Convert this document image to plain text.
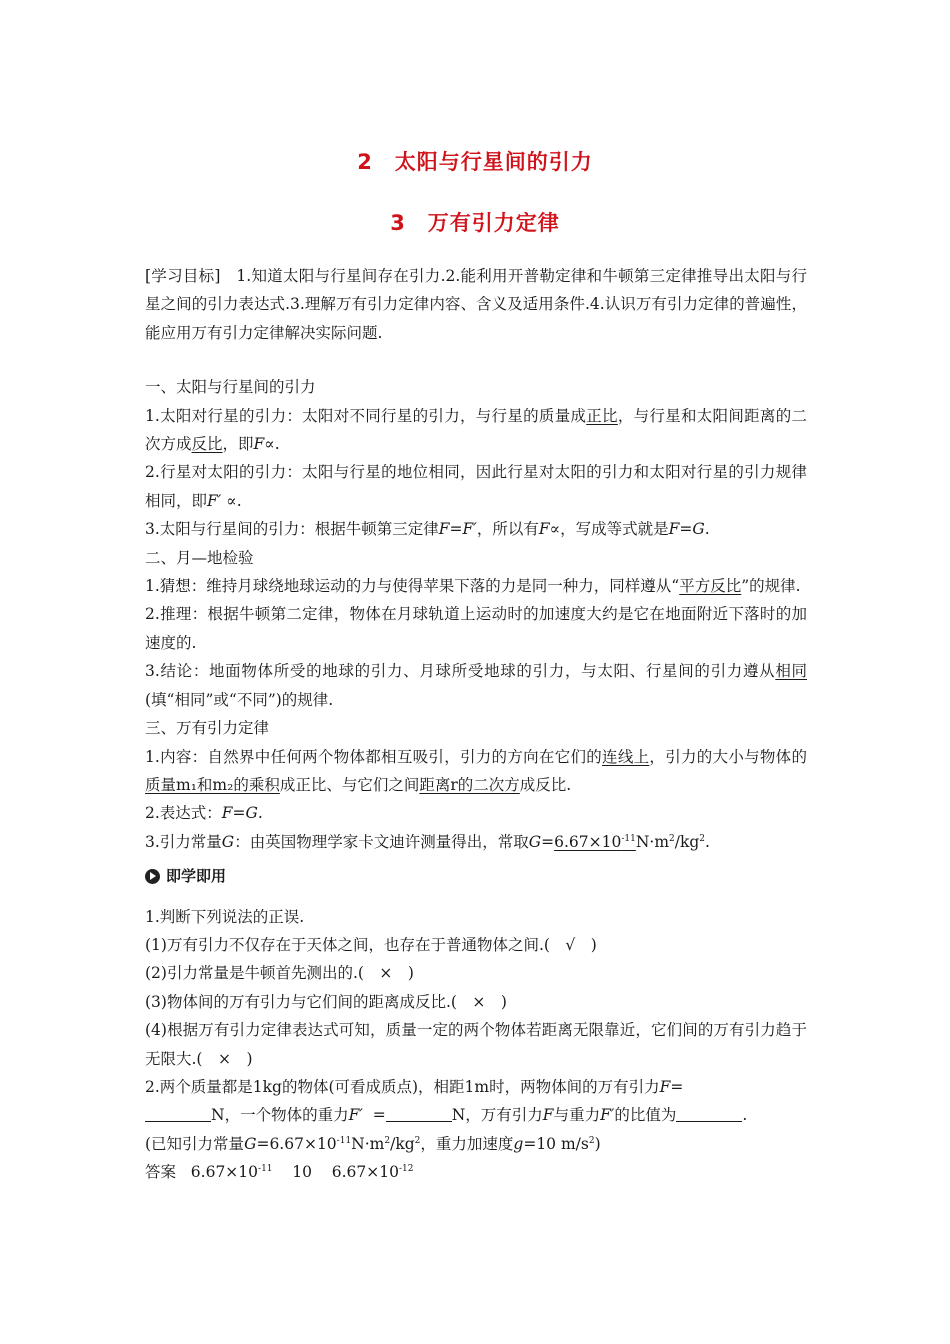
2　太阳与行星间的引力
3　万有引力定律

[学习目标]　1.知道太阳与行星间存在引力.2.能利用开普勒定律和牛顿第三定律推导出太阳与行星之间的引力表达式.3.理解万有引力定律内容、含义及适用条件.4.认识万有引力定律的普遍性，能应用万有引力定律解决实际问题.

一、太阳与行星间的引力

1.太阳对行星的引力：太阳对不同行星的引力，与行星的质量成正比，与行星和太阳间距离的二次方成反比，即F∝.

2.行星对太阳的引力：太阳与行星的地位相同，因此行星对太阳的引力和太阳对行星的引力规律相同，即F′ ∝.

3.太阳与行星间的引力：根据牛顿第三定律F=F′，所以有F∝，写成等式就是F=G.

二、月—地检验

1.猜想：维持月球绕地球运动的力与使得苹果下落的力是同一种力，同样遵从“平方反比”的规律.

2.推理：根据牛顿第二定律，物体在月球轨道上运动时的加速度大约是它在地面附近下落时的加速度的.

3.结论：地面物体所受的地球的引力、月球所受地球的引力，与太阳、行星间的引力遵从相同(填“相同”或“不同”)的规律.

三、万有引力定律

1.内容：自然界中任何两个物体都相互吸引，引力的方向在它们的连线上，引力的大小与物体的质量m₁和m₂的乘积成正比、与它们之间距离r的二次方成反比.

2.表达式：F=G.

3.引力常量G：由英国物理学家卡文迪许测量得出，常取$G=6.67\times 10^{-11}N\cdot m^2/kg^2$.

即学即用

1.判断下列说法的正误.

(1)万有引力不仅存在于天体之间，也存在于普通物体之间.(　√　)

(2)引力常量是牛顿首先测出的.(　×　)

(3)物体间的万有引力与它们间的距离成反比.(　×　)

(4)根据万有引力定律表达式可知，质量一定的两个物体若距离无限靠近，它们间的万有引力趋于无限大.(　×　)

2.两个质量都是1kg的物体(可看成质点)，相距1m时，两物体间的万有引力F=
N，一个物体的重力F′ =	N，万有引力F与重力F′的比值为	.

(已知引力常量$G=6.67\times 10^{-11}N\cdot m^2/kg^2$，重力加速度g=10 $m/s^2$)

答案 $6.67\times 10^{-11}$ 10 $6.67\times 10^{-12}$
